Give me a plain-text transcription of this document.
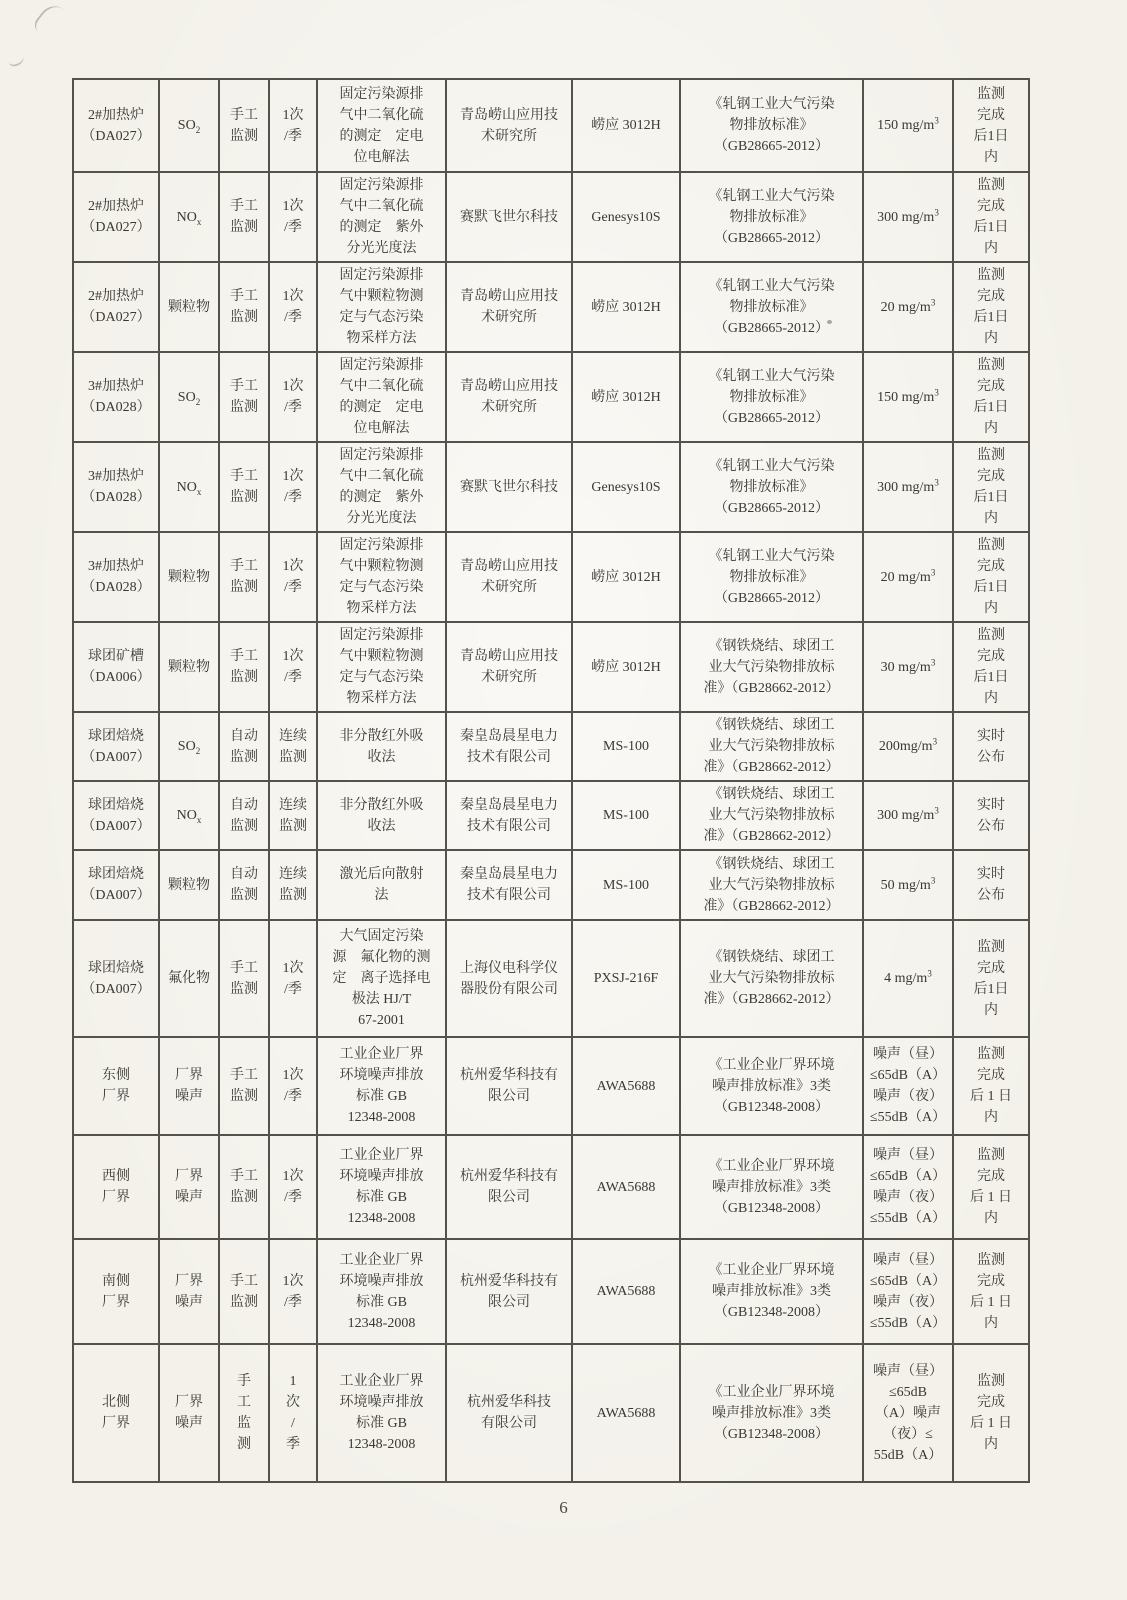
2#加热炉
（DA027）	$SO_2$	手工
监测	1次
/季	固定污染源排
气中二氧化硫
的测定　定电
位电解法	青岛崂山应用技
术研究所	崂应 3012H	《轧钢工业大气污染
物排放标准》
（GB28665-2012）	150 $mg/m^3$	监测
完成
后1日
内
2#加热炉
（DA027）	$NO_x$	手工
监测	1次
/季	固定污染源排
气中二氧化硫
的测定　紫外
分光光度法	赛默飞世尔科技	Genesys10S	《轧钢工业大气污染
物排放标准》
（GB28665-2012）	300 $mg/m^3$	监测
完成
后1日
内
2#加热炉
（DA027）	颗粒物	手工
监测	1次
/季	固定污染源排
气中颗粒物测
定与气态污染
物采样方法	青岛崂山应用技
术研究所	崂应 3012H	《轧钢工业大气污染
物排放标准》
（GB28665-2012）	20 $mg/m^3$	监测
完成
后1日
内
3#加热炉
（DA028）	$SO_2$	手工
监测	1次
/季	固定污染源排
气中二氧化硫
的测定　定电
位电解法	青岛崂山应用技
术研究所	崂应 3012H	《轧钢工业大气污染
物排放标准》
（GB28665-2012）	150 $mg/m^3$	监测
完成
后1日
内
3#加热炉
（DA028）	$NO_x$	手工
监测	1次
/季	固定污染源排
气中二氧化硫
的测定　紫外
分光光度法	赛默飞世尔科技	Genesys10S	《轧钢工业大气污染
物排放标准》
（GB28665-2012）	300 $mg/m^3$	监测
完成
后1日
内
3#加热炉
（DA028）	颗粒物	手工
监测	1次
/季	固定污染源排
气中颗粒物测
定与气态污染
物采样方法	青岛崂山应用技
术研究所	崂应 3012H	《轧钢工业大气污染
物排放标准》
（GB28665-2012）	20 $mg/m^3$	监测
完成
后1日
内
球团矿槽
（DA006）	颗粒物	手工
监测	1次
/季	固定污染源排
气中颗粒物测
定与气态污染
物采样方法	青岛崂山应用技
术研究所	崂应 3012H	《钢铁烧结、球团工
业大气污染物排放标
准》（GB28662-2012）	30 $mg/m^3$	监测
完成
后1日
内
球团焙烧
（DA007）	$SO_2$	自动
监测	连续
监测	非分散红外吸
收法	秦皇岛晨星电力
技术有限公司	MS-100	《钢铁烧结、球团工
业大气污染物排放标
准》（GB28662-2012）	$200mg/m^3$	实时
公布
球团焙烧
（DA007）	$NO_x$	自动
监测	连续
监测	非分散红外吸
收法	秦皇岛晨星电力
技术有限公司	MS-100	《钢铁烧结、球团工
业大气污染物排放标
准》（GB28662-2012）	300 $mg/m^3$	实时
公布
球团焙烧
（DA007）	颗粒物	自动
监测	连续
监测	激光后向散射
法	秦皇岛晨星电力
技术有限公司	MS-100	《钢铁烧结、球团工
业大气污染物排放标
准》（GB28662-2012）	50 $mg/m^3$	实时
公布
球团焙烧
（DA007）	氟化物	手工
监测	1次
/季	大气固定污染
源　氟化物的测
定　离子选择电
极法 HJ/T
67-2001	上海仪电科学仪
器股份有限公司	PXSJ-216F	《钢铁烧结、球团工
业大气污染物排放标
准》（GB28662-2012）	4 $mg/m^3$	监测
完成
后1日
内
东侧
厂界	厂界
噪声	手工
监测	1次
/季	工业企业厂界
环境噪声排放
标准 GB
12348-2008	杭州爱华科技有
限公司	AWA5688	《工业企业厂界环境
噪声排放标准》3类
（GB12348-2008）	噪声（昼）
≤65dB（A）
噪声（夜）
≤55dB（A）	监测
完成
后 1 日
内
西侧
厂界	厂界
噪声	手工
监测	1次
/季	工业企业厂界
环境噪声排放
标准 GB
12348-2008	杭州爱华科技有
限公司	AWA5688	《工业企业厂界环境
噪声排放标准》3类
（GB12348-2008）	噪声（昼）
≤65dB（A）
噪声（夜）
≤55dB（A）	监测
完成
后 1 日
内
南侧
厂界	厂界
噪声	手工
监测	1次
/季	工业企业厂界
环境噪声排放
标准 GB
12348-2008	杭州爱华科技有
限公司	AWA5688	《工业企业厂界环境
噪声排放标准》3类
（GB12348-2008）	噪声（昼）
≤65dB（A）
噪声（夜）
≤55dB（A）	监测
完成
后 1 日
内
北侧
厂界	厂界
噪声	手
工
监
测	1
次
/
季	工业企业厂界
环境噪声排放
标准 GB
12348-2008	杭州爱华科技
有限公司	AWA5688	《工业企业厂界环境
噪声排放标准》3类
（GB12348-2008）	噪声（昼）
≤65dB
（A）噪声
（夜）≤
55dB（A）	监测
完成
后 1 日
内
6
